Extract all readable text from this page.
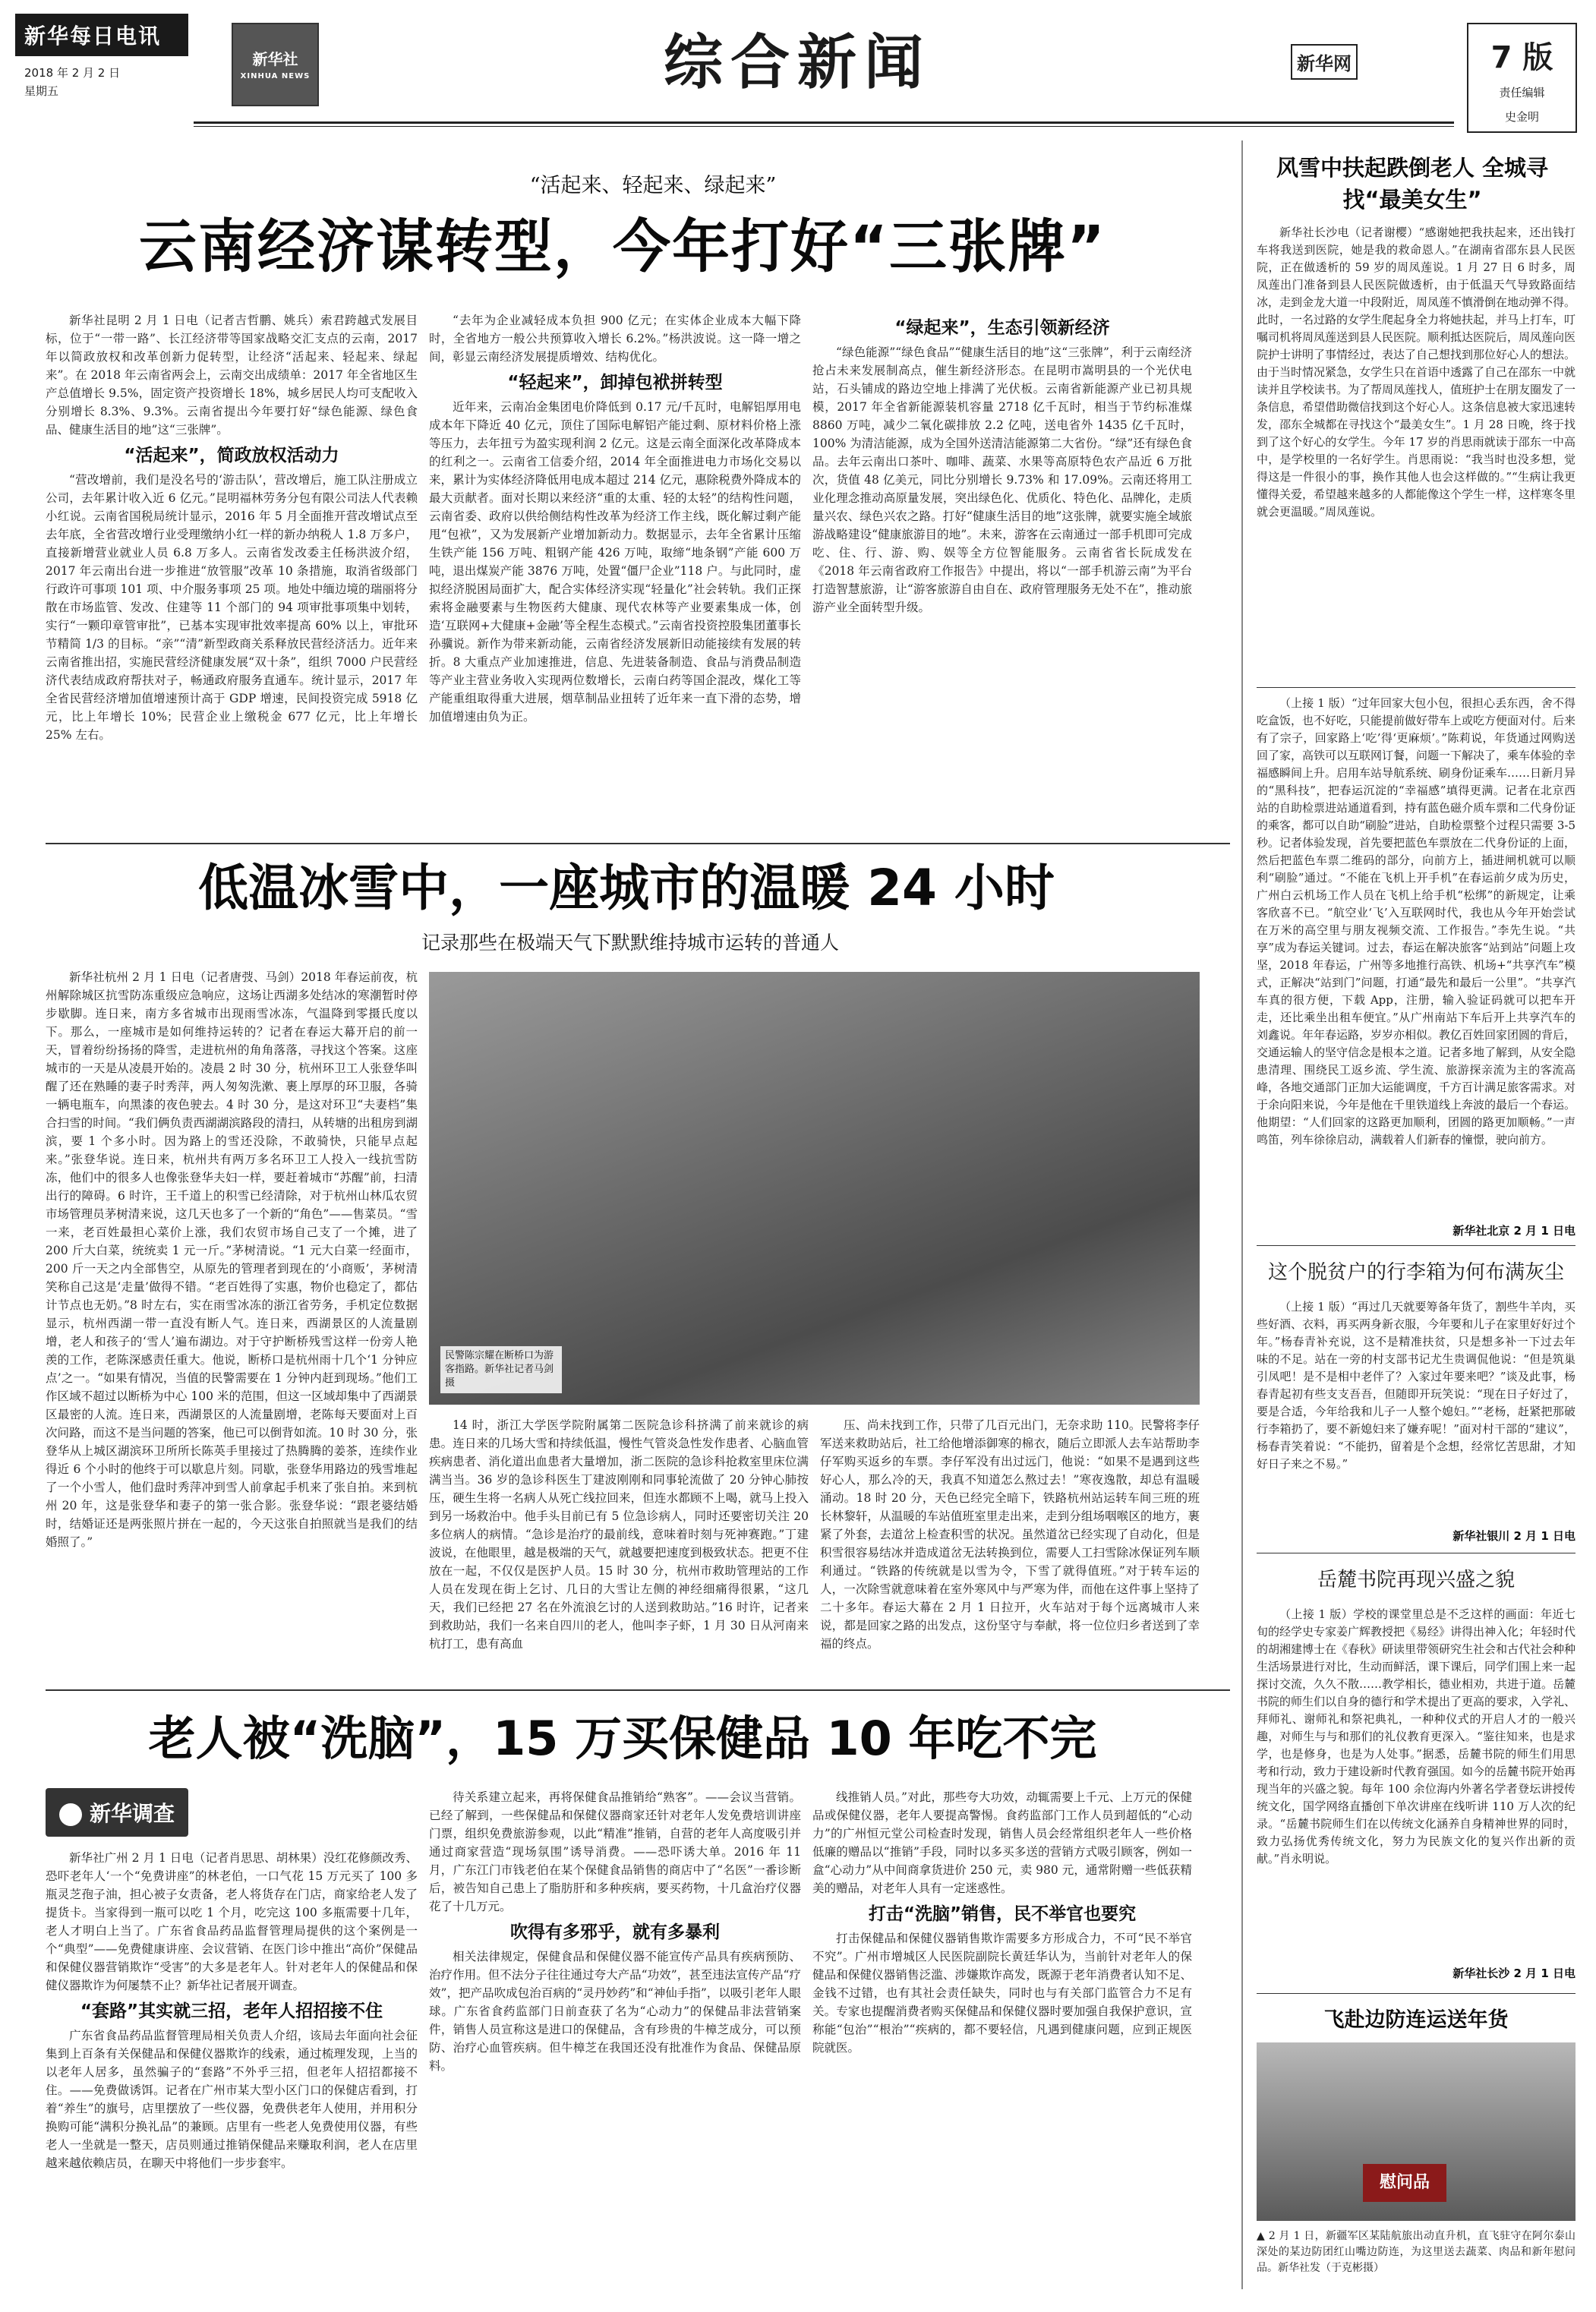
新华每日电讯
2018 年 2 月 2 日
星期五
新华社
XINHUA NEWS	综合新闻	新华网	7 版
责任编辑
史金明
“活起来、轻起来、绿起来”
云南经济谋转型，今年打好“三张牌”

新华社昆明 2 月 1 日电（记者吉哲鹏、姚兵）索君跨越式发展目标，位于“一带一路”、长江经济带等国家战略交汇支点的云南，2017 年以简政放权和改革创新力促转型，让经济“活起来、轻起来、绿起来”。在 2018 年云南省两会上，云南交出成绩单：2017 年全省地区生产总值增长 9.5%，固定资产投资增长 18%，城乡居民人均可支配收入分别增长 8.3%、9.3%。云南省提出今年要打好“绿色能源、绿色食品、健康生活目的地”这“三张牌”。

“活起来”，简政放权活动力

“营改增前，我们是没名号的‘游击队’，营改增后，施工队注册成立公司，去年累计收入近 6 亿元。”昆明福林劳务分包有限公司法人代表赖小红说。云南省国税局统计显示，2016 年 5 月全面推开营改增试点至去年底，全省营改增行业受理缴纳小红一样的新办纳税人 1.8 万多户，直接新增营业就业人员 6.8 万多人。云南省发改委主任杨洪波介绍，2017 年云南出台进一步推进“放管服”改革 10 条措施，取消省级部门行政许可事项 101 项、中介服务事项 25 项。地处中缅边境的瑞丽将分散在市场监管、发改、住建等 11 个部门的 94 项审批事项集中划转，实行“一颗印章管审批”，已基本实现审批效率提高 60% 以上，审批环节精简 1/3 的目标。“亲”“清”新型政商关系释放民营经济活力。近年来云南省推出招，实施民营经济健康发展“双十条”，组织 7000 户民营经济代表结成政府帮扶对子，畅通政府服务直通车。统计显示，2017 年全省民营经济增加值增速预计高于 GDP 增速，民间投资完成 5918 亿元，比上年增长 10%；民营企业上缴税金 677 亿元，比上年增长 25% 左右。

“去年为企业减轻成本负担 900 亿元；在实体企业成本大幅下降时，全省地方一般公共预算收入增长 6.2%。”杨洪波说。这一降一增之间，彰显云南经济发展提质增效、结构优化。

“轻起来”，卸掉包袱拼转型

近年来，云南冶金集团电价降低到 0.17 元/千瓦时，电解铝厚用电成本年下降近 40 亿元，顶住了国际电解铝产能过剩、原材料价格上涨等压力，去年扭亏为盈实现利润 2 亿元。这是云南全面深化改革降成本的红利之一。云南省工信委介绍，2014 年全面推进电力市场化交易以来，累计为实体经济降低用电成本超过 214 亿元，惠除税费外降成本的最大贡献者。面对长期以来经济“重的太重、轻的太轻”的结构性问题，云南省委、政府以供给侧结构性改革为经济工作主线，既化解过剩产能甩“包袱”，又为发展新产业增加新动力。数据显示，去年全省累计压缩生铁产能 156 万吨、粗钢产能 426 万吨，取缔“地条钢”产能 600 万吨，退出煤炭产能 3876 万吨，处置“僵尸企业”118 户。与此同时，虚拟经济脱困局面扩大，配合实体经济实现“轻量化”社会转轨。我们正探索将金融要素与生物医药大健康、现代农林等产业要素集成一体，创造‘互联网+大健康+金融’等全程生态模式。”云南省投资控股集团董事长孙骥说。新作为带来新动能，云南省经济发展新旧动能接续有发展的转折。8 大重点产业加速推进，信息、先进装备制造、食品与消费品制造等产业主营业务收入实现两位数增长，云南白药等国企混改，煤化工等产能重组取得重大进展，烟草制品业扭转了近年来一直下滑的态势，增加值增速由负为正。

“绿起来”，生态引领新经济

“绿色能源”“绿色食品”“健康生活目的地”这“三张牌”，利于云南经济抢占未来发展制高点，催生新经济形态。在昆明市嵩明县的一个光伏电站，石头铺成的路边空地上排满了光伏板。云南省新能源产业已初具规模，2017 年全省新能源装机容量 2718 亿千瓦时，相当于节约标准煤 8860 万吨，减少二氧化碳排放 2.2 亿吨，送电省外 1435 亿千瓦时，100% 为清洁能源，成为全国外送清洁能源第二大省份。“绿”还有绿色食品。去年云南出口茶叶、咖啡、蔬菜、水果等高原特色农产品近 6 万批次，货值 48 亿美元，同比分别增长 9.73% 和 17.09%。云南还将用工业化理念推动高原量发展，突出绿色化、优质化、特色化、品牌化，走质量兴农、绿色兴农之路。打好“健康生活目的地”这张牌，就要实施全域旅游战略建设“健康旅游目的地”。未来，游客在云南通过一部手机即可完成吃、住、行、游、购、娱等全方位智能服务。云南省省长阮成发在《2018 年云南省政府工作报告》中提出，将以“一部手机游云南”为平台打造智慧旅游，让“游客旅游自由自在、政府管理服务无处不在”，推动旅游产业全面转型升级。

低温冰雪中，一座城市的温暖 24 小时
记录那些在极端天气下默默维持城市运转的普通人

新华社杭州 2 月 1 日电（记者唐弢、马剑）2018 年春运前夜，杭州解除城区抗雪防冻重级应急响应，这场让西湖多处结冰的寒潮暂时停步歇脚。连日来，南方多省城市出现雨雪冰冻，气温降到零摄氏度以下。那么，一座城市是如何维持运转的？记者在春运大幕开启的前一天，冒着纷纷扬扬的降雪，走进杭州的角角落落，寻找这个答案。这座城市的一天是从凌晨开始的。凌晨 2 时 30 分，杭州环卫工人张登华叫醒了还在熟睡的妻子时秀萍，两人匆匆洗漱、裹上厚厚的环卫服，各骑一辆电瓶车，向黑漆的夜色驶去。4 时 30 分，是这对环卫“夫妻档”集合扫雪的时间。“我们俩负责西湖湖滨路段的清扫，从转塘的出租房到湖滨，要 1 个多小时。因为路上的雪还没除，不敢骑快，只能早点起来。”张登华说。连日来，杭州共有两万多名环卫工人投入一线抗雪防冻，他们中的很多人也像张登华夫妇一样，要赶着城市“苏醒”前，扫清出行的障碍。6 时许，王千道上的积雪已经清除，对于杭州山林瓜农贸市场管理员茅树清来说，这几天也多了一个新的“角色”——售菜员。“雪一来，老百姓最担心菜价上涨，我们农贸市场自己支了一个摊，进了 200 斤大白菜，统统卖 1 元一斤。”茅树清说。“1 元大白菜一经面市，200 斤一天之内全部售空，从原先的管理者到现在的‘小商贩’，茅树清笑称自己这是‘走量’做得不错。“老百姓得了实惠，物价也稳定了，都估计节点也无奶。”8 时左右，实在雨雪冰冻的浙江省劳务，手机定位数据显示，杭州西湖一带一直没有断人气。连日来，西湖景区的人流量剧增，老人和孩子的‘雪人’遍布湖边。对于守护断桥残雪这样一份旁人艳羡的工作，老陈深感责任重大。他说，断桥口是杭州雨十几个‘1 分钟应点’之一。“如果有情况，当值的民警需要在 1 分钟内赶到现场。”他们工作区域不超过以断桥为中心 100 米的范围，但这一区域却集中了西湖景区最密的人流。连日来，西湖景区的人流量剧增，老陈每天要面对上百次问路，而这不是当问题的答案，他已可以倒背如流。10 时 30 分，张登华从上城区湖滨环卫所所长陈英手里接过了热腾腾的姜茶，连续作业得近 6 个小时的他终于可以歇息片刻。同歇，张登华用路边的残雪堆起了一个小雪人，他们盘时秀萍冲到雪人前拿起手机来了张自拍。来到杭州 20 年，这是张登华和妻子的第一张合影。张登华说：“跟老婆结婚时，结婚证还是两张照片拼在一起的，今天这张自拍照就当是我们的结婚照了。”

民警陈宗耀在断桥口为游客指路。新华社记者马剑摄

14 时，浙江大学医学院附属第二医院急诊科挤满了前来就诊的病患。连日来的几场大雪和持续低温，慢性气管炎急性发作患者、心脑血管疾病患者、消化道出血患者大量增加，浙二医院的急诊科抢救室里床位满满当当。36 岁的急诊科医生丁建波刚刚和同事轮流做了 20 分钟心肺按压，硬生生将一名病人从死亡线拉回来，但连水都顾不上喝，就马上投入到另一场救治中。他手头目前已有 5 位急诊病人，同时还要密切关注 20 多位病人的病情。“急诊是治疗的最前线，意味着时刻与死神赛跑。”丁建波说，在他眼里，越是极端的天气，就越要把速度到极致状态。把更不住放在一起，不仅仅是医护人员。15 时 30 分，杭州市救助管理站的工作人员在发现在街上乞讨、几日的大雪让左侧的神经细痛得很累，“这几天，我们已经把 27 名在外流浪乞讨的人送到救助站。”16 时许，记者来到救助站，我们一名来自四川的老人，他叫李子虾，1 月 30 日从河南来杭打工，患有高血

压、尚未找到工作，只带了几百元出门，无奈求助 110。民警将李仔军送来救助站后，社工给他增添御寒的棉衣，随后立即派人去车站帮助李仔军购买返乡的车票。李仔军没有出过远门，他说：“如果不是遇到这些好心人，那么冷的天，我真不知道怎么熬过去！”寒夜逸散，却总有温暖涌动。18 时 20 分，天色已经完全暗下，铁路杭州站运转车间三班的班长林黎轩，从温暖的车站值班室里走出来，走到分组场咽喉区的地方，裹紧了外套，去道岔上检查积雪的状况。虽然道岔已经实现了自动化，但是积雪很容易结冰并造成道岔无法转换到位，需要人工扫雪除冰保证列车顺利通过。“铁路的传统就是以雪为令，下雪了就得值班。”对于转车运的人，一次除雪就意味着在室外寒风中与严寒为伴，而他在这件事上坚持了二十多年。春运大幕在 2 月 1 日拉开，火车站对于每个远离城市人来说，都是回家之路的出发点，这份坚守与奉献，将一位位归乡者送到了幸福的终点。

老人被“洗脑”，15 万买保健品 10 年吃不完
新华调查

新华社广州 2 月 1 日电（记者肖思思、胡林果）没红花修颜改秀、恐吓老年人‘一个“免费讲座”的林老伯，一口气花 15 万元买了 100 多瓶灵芝孢子油，担心被子女责备，老人将货存在门店，商家给老人发了提货卡。当家得到一瓶可以吃 1 个月，吃完这 100 多瓶需要十几年，老人才明白上当了。广东省食品药品监督管理局提供的这个案例是一个“典型”——免费健康讲座、会议营销、在医门诊中推出“高价”保健品和保健仪器营销欺诈“受害”的大多是老年人。针对老年人的保健品和保健仪器欺诈为何屡禁不止？新华社记者展开调查。

“套路”其实就三招，老年人招招接不住

广东省食品药品监督管理局相关负责人介绍，该局去年面向社会征集到上百条有关保健品和保健仪器欺诈的线索，通过梳理发现，上当的以老年人居多，虽然骗子的“套路”不外乎三招，但老年人招招都接不住。——免费做诱饵。记者在广州市某大型小区门口的保健店看到，打着“养生”的旗号，店里摆放了一些仪器，免费供老年人使用，并用积分换购可能“满积分换礼品”的兼顾。店里有一些老人免费使用仪器，有些老人一坐就是一整天，店员则通过推销保健品来赚取利润，老人在店里越来越依赖店员，在聊天中将他们一步步套牢。

待关系建立起来，再将保健食品推销给“熟客”。——会议当营销。已经了解到，一些保健品和保健仪器商家还针对老年人发免费培训讲座门票，组织免费旅游参观，以此“精准”推销，自营的老年人高度吸引并通过商家营造“现场氛围”诱导消费。——恐吓诱大单。2016 年 11 月，广东江门市钱老伯在某个保健食品销售的商店中了“名医”一番诊断后，被告知自己患上了脂肪肝和多种疾病，要买药物，十几盒治疗仪器花了十几万元。

吹得有多邪乎，就有多暴利

相关法律规定，保健食品和保健仪器不能宣传产品具有疾病预防、治疗作用。但不法分子往往通过夸大产品“功效”，甚至违法宣传产品“疗效”，把产品吹成包治百病的“灵丹妙药”和“神仙手指”，以吸引老年人眼球。广东省食药监部门日前查获了名为“心动力”的保健品非法营销案件，销售人员宣称这是进口的保健品，含有珍贵的牛樟芝成分，可以预防、治疗心血管疾病。但牛樟芝在我国还没有批准作为食品、保健品原料。

线推销人员。”对此，那些夸大功效，动辄需要上千元、上万元的保健品或保健仪器，老年人要提高警惕。食药监部门工作人员到超低的“心动力”的广州恒元堂公司检查时发现，销售人员会经常组织老年人一些价格低廉的赠品以“推销”手段，同时以多买多送的营销方式吸引顾客，例如一盒“心动力”从中间商拿货进价 250 元，卖 980 元，通常附赠一些低获精美的赠品，对老年人具有一定迷惑性。

打击“洗脑”销售，民不举官也要究

打击保健品和保健仪器销售欺诈需要多方形成合力，不可“民不举官不究”。广州市增城区人民医院副院长黄廷华认为，当前针对老年人的保健品和保健仪器销售泛滥、涉嫌欺诈高发，既源于老年消费者认知不足、金钱不过错，也有其社会责任缺失，同时也与有关部门监管合力不足有关。专家也提醒消费者购买保健品和保健仪器时要加强自我保护意识，宣称能“包治”“根治”“疾病的，都不要轻信，凡遇到健康问题，应到正规医院就医。

风雪中扶起跌倒老人 全城寻找“最美女生”

新华社长沙电（记者谢樱）“感谢她把我扶起来，还出钱打车将我送到医院，她是我的救命恩人。”在湖南省邵东县人民医院，正在做透析的 59 岁的周凤莲说。1 月 27 日 6 时多，周凤莲出门准备到县人民医院做透析，由于低温天气导致路面结冰，走到金龙大道一中段附近，周凤莲不慎滑倒在地动弹不得。此时，一名过路的女学生爬起身全力将她扶起，并马上打车，叮嘱司机将周凤莲送到县人民医院。顺利抵达医院后，周凤莲向医院护士讲明了事情经过，表达了自己想找到那位好心人的想法。由于当时情况紧急，女学生只在首语中透露了自己在邵东一中就读并且学校读书。为了帮周凤莲找人，值班护士在朋友圈发了一条信息，希望借助微信找到这个好心人。这条信息被大家迅速转发，邵东全城都在寻找这个“最美女生”。1 月 28 日晚，终于找到了这个好心的女学生。今年 17 岁的肖思雨就读于邵东一中高中，是学校里的一名好学生。肖思雨说：“我当时也没多想，觉得这是一件很小的事，换作其他人也会这样做的。”“生病让我更懂得关爱，希望越来越多的人都能像这个学生一样，这样寒冬里就会更温暖。”周凤莲说。

（上接 1 版）“过年回家大包小包，很担心丢东西，舍不得吃盒饭，也不好吃，只能提前做好带车上或吃方便面对付。后来有了宗子，回家路上‘吃’得‘更麻烦’。”陈莉说，年货通过网购送回了家，高铁可以互联网订餐，问题一下解决了，乘车体验的幸福感瞬间上升。启用车站导航系统、刷身份证乘车……日新月异的“黑科技”，把春运沉淀的“幸福感”填得更满。记者在北京西站的自助检票进站通道看到，持有蓝色磁介质车票和二代身份证的乘客，都可以自助“刷脸”进站，自助检票整个过程只需要 3-5 秒。记者体验发现，首先要把蓝色车票放在二代身份证的上面，然后把蓝色车票二维码的部分，向前方上，插进闸机就可以顺利“刷脸”通过。“不能在飞机上开手机”在春运前夕成为历史，广州白云机场工作人员在飞机上给手机“松绑”的新规定，让乘客欣喜不已。“航空业‘飞’入互联网时代，我也从今年开始尝试在万米的高空里与朋友视频交流、工作报告。”李先生说。“共享”成为春运关键词。过去，春运在解决旅客“站到站”问题上攻坚，2018 年春运，广州等多地推行高铁、机场+“共享汽车”模式，正解决“站到门”问题，打通“最先和最后一公里”。“共享汽车真的很方便，下载 App，注册，输入验证码就可以把车开走，还比乘坐出租车便宜。”从广州南站下车后开上共享汽车的刘鑫说。年年春运路，岁岁亦相似。教亿百姓回家团圆的背后，交通运输人的坚守信念是根本之道。记者多地了解到，从安全隐患清理、围绕民工返乡流、学生流、旅游探亲流为主的客流高峰，各地交通部门正加大运能调度，千方百计满足旅客需求。对于余向阳来说，今年是他在千里铁道线上奔波的最后一个春运。他期望：“人们回家的这路更加顺利，团圆的路更加顺畅。”一声鸣笛，列车徐徐启动，满载着人们新春的憧憬，驶向前方。

新华社北京 2 月 1 日电
这个脱贫户的行李箱为何布满灰尘

（上接 1 版）“再过几天就要筹备年货了，割些牛羊肉，买些好酒、衣料，再买两身新衣服，今年要和儿子在家里好好过个年。”杨春青补充说，这不是精准扶贫，只是想多补一下过去年味的不足。站在一旁的村支部书记尤生贵调侃他说：“但是筑巢引凤吧！是不是相中老伴了？入家过年要来吧？”谈及此事，杨春青起初有些支支吾吾，但随即开玩笑说：“现在日子好过了，要是合适，今年给我和儿子一人整个媳妇。”“老杨，赶紧把那破行李箱扔了，要不新媳妇来了嫌弃呢！”面对村干部的“建议”，杨春青笑着说：“不能扔，留着是个念想，经常忆苦思甜，才知好日子来之不易。”

新华社银川 2 月 1 日电
岳麓书院再现兴盛之貌

（上接 1 版）学校的课堂里总是不乏这样的画面：年近七旬的经学史专家姜广辉教授把《易经》讲得出神入化；年轻时代的胡湘建博士在《春秋》研读里带领研究生社会和古代社会种种生活场景进行对比，生动而鲜活，课下课后，同学们围上来一起探讨交流，久久不散……教学相长，德业相劝，共进于道。岳麓书院的师生们以自身的德行和学术提出了更高的要求，入学礼、拜师礼、谢师礼和祭祀典礼，一种种仪式的开启人才的一般兴趣，对师生与与和那们的礼仪教育更深入。“鉴往知来，也是求学，也是修身，也是为人处事。”据悉，岳麓书院的师生们用思考和行动，致力于建设新时代教育强国。如今的岳麓书院开始再现当年的兴盛之貌。每年 100 余位海内外著名学者登坛讲授传统文化，国学网络直播创下单次讲座在线听讲 110 万人次的纪录。“岳麓书院师生们在以传统文化涵养自身精神世界的同时，致力弘扬优秀传统文化，努力为民族文化的复兴作出新的贡献。”肖永明说。

新华社长沙 2 月 1 日电
飞赴边防连运送年货
慰问品
▲ 2 月 1 日，新疆军区某陆航旅出动直升机，直飞驻守在阿尔泰山深处的某边防团红山嘴边防连，为这里送去蔬菜、肉品和新年慰问品。新华社发（于克彬摄）
